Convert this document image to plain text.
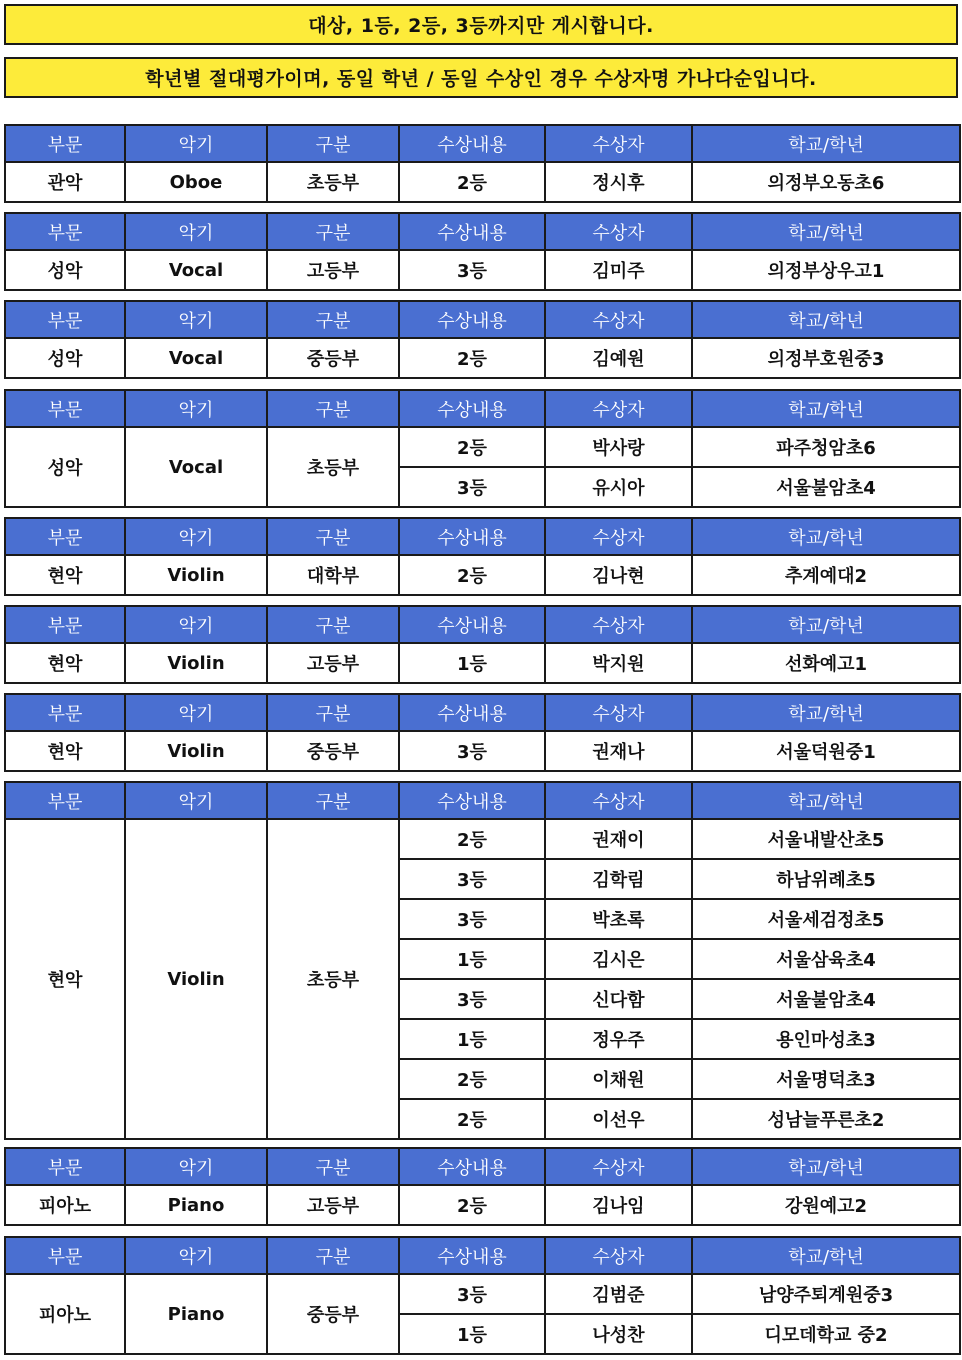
대상, 1등, 2등, 3등까지만 게시합니다.
학년별 절대평가이며, 동일 학년 / 동일 수상인 경우 수상자명 가나다순입니다.
부문	악기	구분	수상내용	수상자	학교/학년
관악	Oboe	초등부	2등	정시후	의정부오동초6
부문	악기	구분	수상내용	수상자	학교/학년
성악	Vocal	고등부	3등	김미주	의정부상우고1
부문	악기	구분	수상내용	수상자	학교/학년
성악	Vocal	중등부	2등	김예원	의정부호원중3
부문	악기	구분	수상내용	수상자	학교/학년
성악	Vocal	초등부	2등	박사랑	파주청암초6
			3등	유시아	서울불암초4
부문	악기	구분	수상내용	수상자	학교/학년
현악	Violin	대학부	2등	김나현	추계예대2
부문	악기	구분	수상내용	수상자	학교/학년
현악	Violin	고등부	1등	박지원	선화예고1
부문	악기	구분	수상내용	수상자	학교/학년
현악	Violin	중등부	3등	권재나	서울덕원중1
부문	악기	구분	수상내용	수상자	학교/학년
현악	Violin	초등부	2등	권재이	서울내발산초5
			3등	김학림	하남위례초5
			3등	박초록	서울세검정초5
			1등	김시은	서울삼육초4
			3등	신다함	서울불암초4
			1등	정우주	용인마성초3
			2등	이채원	서울명덕초3
			2등	이선우	성남늘푸른초2
부문	악기	구분	수상내용	수상자	학교/학년
피아노	Piano	고등부	2등	김나임	강원예고2
부문	악기	구분	수상내용	수상자	학교/학년
피아노	Piano	중등부	3등	김범준	남양주퇴계원중3
			1등	나성찬	디모데학교 중2
